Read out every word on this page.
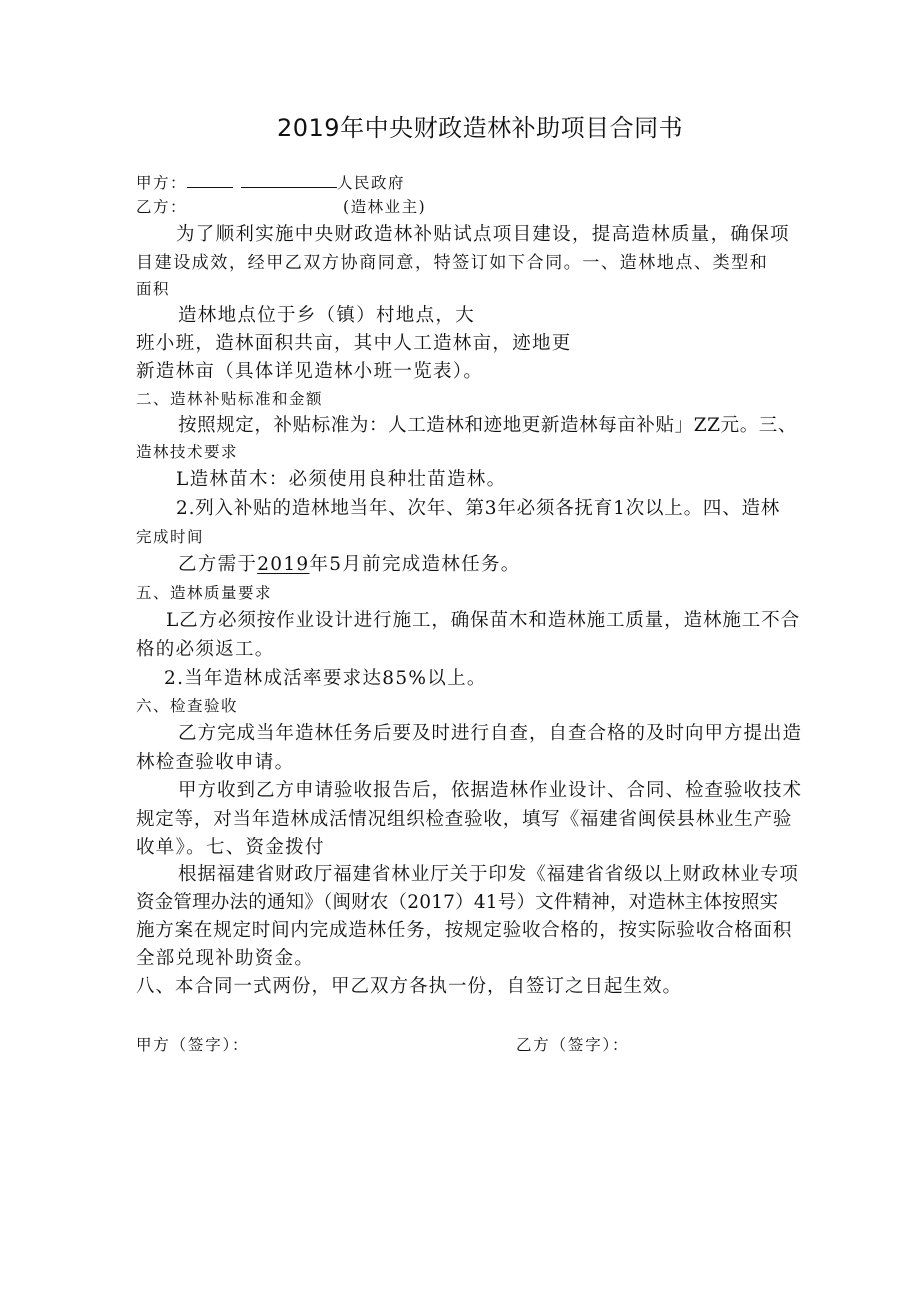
2019年中央财政造林补助项目合同书
甲方：	人民政府
乙方：	(造林业主)
为了顺利实施中央财政造林补贴试点项目建设，提高造林质量，确保项
目建设成效，经甲乙双方协商同意，特签订如下合同。一、造林地点、类型和
面积
造林地点位于乡（镇）村地点，大
班小班，造林面积共亩，其中人工造林亩，迹地更
新造林亩（具体详见造林小班一览表）。
二、造林补贴标准和金额
按照规定，补贴标准为：人工造林和迹地更新造林每亩补贴」ZZ元。三、
造林技术要求
L造林苗木：必须使用良种壮苗造林。
2.列入补贴的造林地当年、次年、第3年必须各抚育1次以上。四、造林
完成时间
乙方需于2019年5月前完成造林任务。
五、造林质量要求
L乙方必须按作业设计进行施工，确保苗木和造林施工质量，造林施工不合
格的必须返工。
2.当年造林成活率要求达85%以上。
六、检查验收
乙方完成当年造林任务后要及时进行自查，自查合格的及时向甲方提出造
林检查验收申请。
甲方收到乙方申请验收报告后，依据造林作业设计、合同、检查验收技术
规定等，对当年造林成活情况组织检查验收，填写《福建省闽侯县林业生产验
收单》。七、资金拨付
根据福建省财政厅福建省林业厅关于印发《福建省省级以上财政林业专项
资金管理办法的通知》（闽财农（2017）41号）文件精神，对造林主体按照实
施方案在规定时间内完成造林任务，按规定验收合格的，按实际验收合格面积
全部兑现补助资金。
八、本合同一式两份，甲乙双方各执一份，自签订之日起生效。
甲方（签字）：	乙方（签字）：
